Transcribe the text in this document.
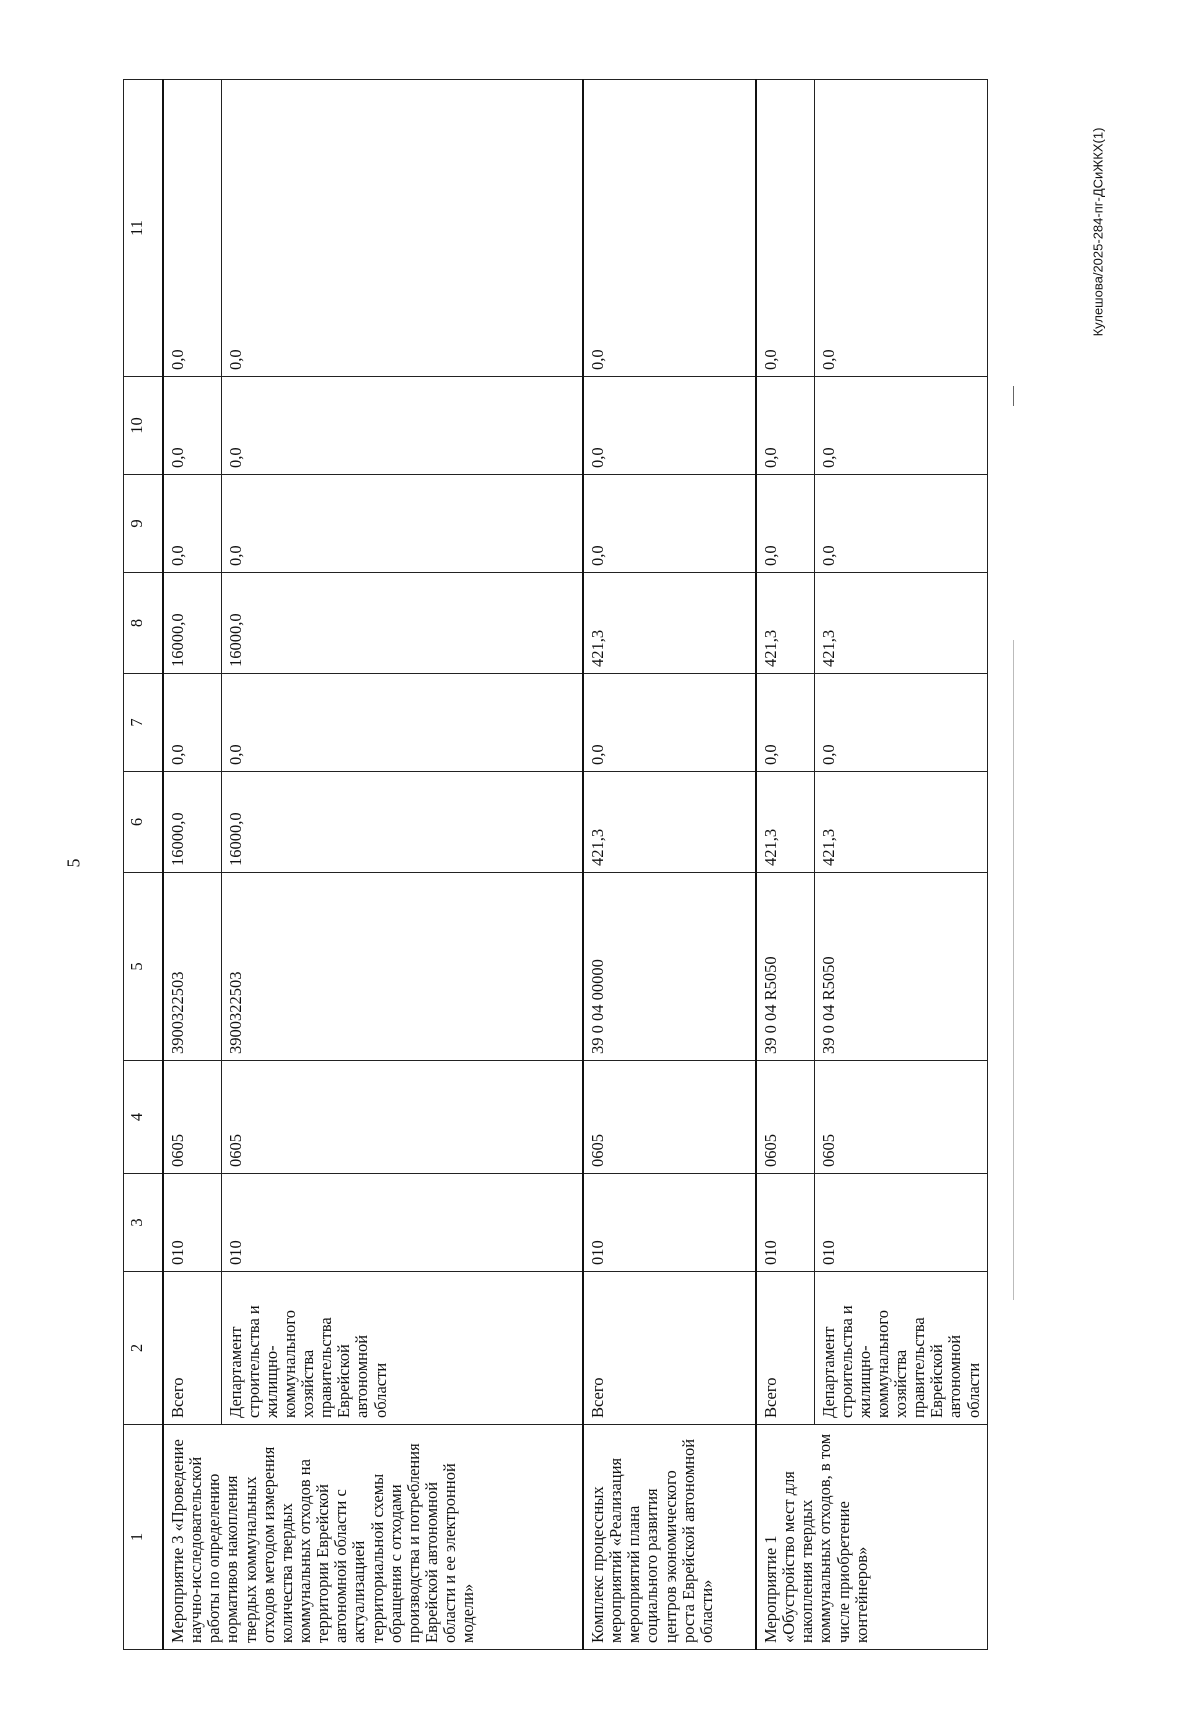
5
Кулешова/2025-284-пг-ДСиЖКХ(1)
1	2	3	4	5	6	7	8	9	10	11
Мероприятие 3 «Проведение научно-исследовательской работы по определению нормативов накопления твердых коммунальных отходов методом измерения количества твердых коммунальных отходов на территории Еврейской автономной области с актуализацией территориальной схемы обращения с отходами производства и потребления Еврейской автономной области и ее электронной модели»	Всего	010	0605	3900322503	16000,0	0,0	16000,0	0,0	0,0	0,0
	Департамент строительства и жилищно-коммунального хозяйства правительства Еврейской автономной области	010	0605	3900322503	16000,0	0,0	16000,0	0,0	0,0	0,0
Комплекс процессных мероприятий «Реализация мероприятий плана социального развития центров экономического роста Еврейской автономной области»	Всего	010	0605	39 0 04 00000	421,3	0,0	421,3	0,0	0,0	0,0
Мероприятие 1 «Обустройство мест для накопления твердых коммунальных отходов, в том числе приобретение контейнеров»	Всего	010	0605	39 0 04 R5050	421,3	0,0	421,3	0,0	0,0	0,0
	Департамент строительства и жилищно-коммунального хозяйства правительства Еврейской автономной области	010	0605	39 0 04 R5050	421,3	0,0	421,3	0,0	0,0	0,0
